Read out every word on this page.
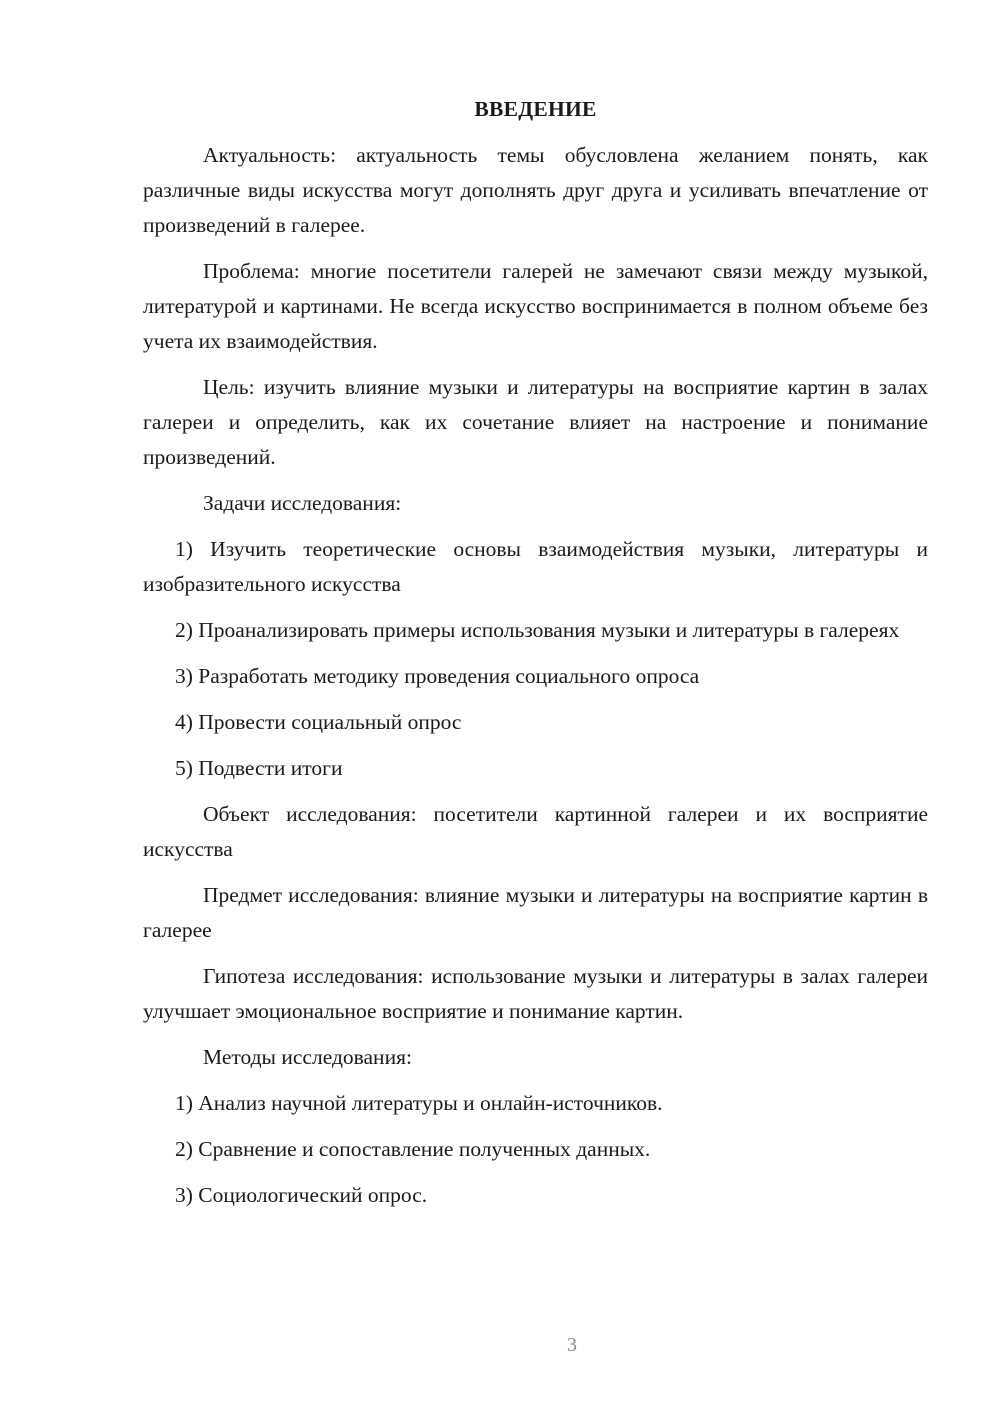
ВВЕДЕНИЕ

Актуальность: актуальность темы обусловлена желанием понять, как различные виды искусства могут дополнять друг друга и усиливать впечатление от произведений в галерее.

Проблема: многие посетители галерей не замечают связи между музыкой, литературой и картинами. Не всегда искусство воспринимается в полном объеме без учета их взаимодействия.

Цель: изучить влияние музыки и литературы на восприятие картин в залах галереи и определить, как их сочетание влияет на настроение и понимание произведений.

Задачи исследования:

1) Изучить теоретические основы взаимодействия музыки, литературы и изобразительного искусства

2) Проанализировать примеры использования музыки и литературы в галереях

3) Разработать методику проведения социального опроса

4) Провести социальный опрос

5) Подвести итоги

Объект исследования: посетители картинной галереи и их восприятие искусства

Предмет исследования: влияние музыки и литературы на восприятие картин в галерее

Гипотеза исследования: использование музыки и литературы в залах галереи улучшает эмоциональное восприятие и понимание картин.

Методы исследования:

1) Анализ научной литературы и онлайн-источников.

2) Сравнение и сопоставление полученных данных.

3) Социологический опрос.

3
